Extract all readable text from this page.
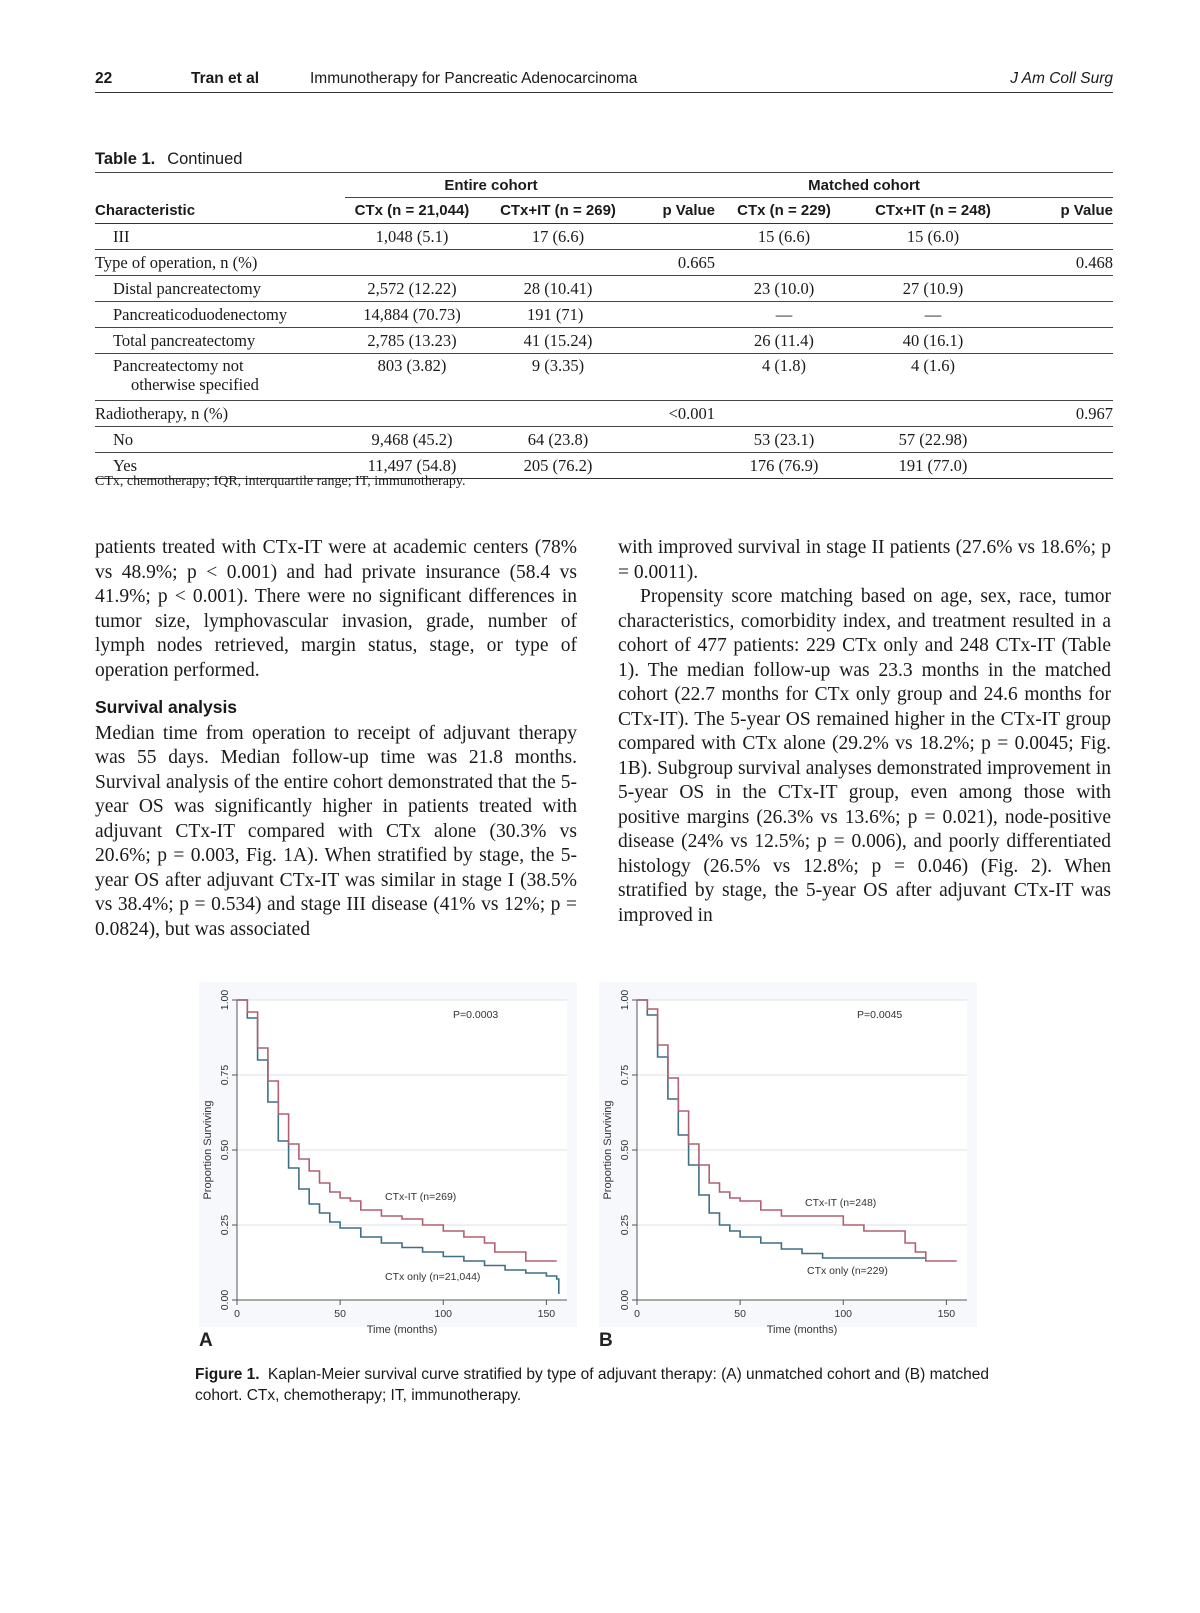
22	Tran et al	Immunotherapy for Pancreatic Adenocarcinoma	J Am Coll Surg
Table 1. Continued
	Entire cohort			Matched cohort		
Characteristic	CTx (n = 21,044)	CTx+IT (n = 269)	p Value	CTx (n = 229)	CTx+IT (n = 248)	p Value
III	1,048 (5.1)	17 (6.6)		15 (6.6)	15 (6.0)	
Type of operation, n (%)			0.665			0.468
Distal pancreatectomy	2,572 (12.22)	28 (10.41)		23 (10.0)	27 (10.9)	
Pancreaticoduodenectomy	14,884 (70.73)	191 (71)		—	—	
Total pancreatectomy	2,785 (13.23)	41 (15.24)		26 (11.4)	40 (16.1)	
Pancreatectomy not
otherwise specified	803 (3.82)	9 (3.35)		4 (1.8)	4 (1.6)	
Radiotherapy, n (%)			<0.001			0.967
No	9,468 (45.2)	64 (23.8)		53 (23.1)	57 (22.98)	
Yes	11,497 (54.8)	205 (76.2)		176 (76.9)	191 (77.0)	
CTx, chemotherapy; IQR, interquartile range; IT, immunotherapy.

patients treated with CTx-IT were at academic centers (78% vs 48.9%; p < 0.001) and had private insurance (58.4 vs 41.9%; p < 0.001). There were no significant differences in tumor size, lymphovascular invasion, grade, number of lymph nodes retrieved, margin status, stage, or type of operation performed.

Survival analysis

Median time from operation to receipt of adjuvant therapy was 55 days. Median follow-up time was 21.8 months. Survival analysis of the entire cohort demonstrated that the 5-year OS was significantly higher in patients treated with adjuvant CTx-IT compared with CTx alone (30.3% vs 20.6%; p = 0.003, Fig. 1A). When stratified by stage, the 5-year OS after adjuvant CTx-IT was similar in stage I (38.5% vs 38.4%; p = 0.534) and stage III disease (41% vs 12%; p = 0.0824), but was associated

with improved survival in stage II patients (27.6% vs 18.6%; p = 0.0011).

Propensity score matching based on age, sex, race, tumor characteristics, comorbidity index, and treatment resulted in a cohort of 477 patients: 229 CTx only and 248 CTx-IT (Table 1). The median follow-up was 23.3 months in the matched cohort (22.7 months for CTx only group and 24.6 months for CTx-IT). The 5-year OS remained higher in the CTx-IT group compared with CTx alone (29.2% vs 18.2%; p = 0.0045; Fig. 1B). Subgroup survival analyses demonstrated improvement in 5-year OS in the CTx-IT group, even among those with positive margins (26.3% vs 13.6%; p = 0.021), node-positive disease (24% vs 12.5%; p = 0.006), and poorly differentiated histology (26.5% vs 12.8%; p = 0.046) (Fig. 2). When stratified by stage, the 5-year OS after adjuvant CTx-IT was improved in

0.00
0.25
0.50
0.75
1.00
0	50	100	150
Time (months)
Proportion Surviving	CTx-IT (n=269)
CTx only (n=21,044)
P=0.0003
A
0.00
0.25
0.50
0.75
1.00
0	50	100	150
Time (months)
Proportion Surviving
CTx-IT (n=248)
CTx only (n=229)
P=0.0045
B
Figure 1. Kaplan-Meier survival curve stratified by type of adjuvant therapy: (A) unmatched cohort and (B) matched cohort. CTx, chemotherapy; IT, immunotherapy.
